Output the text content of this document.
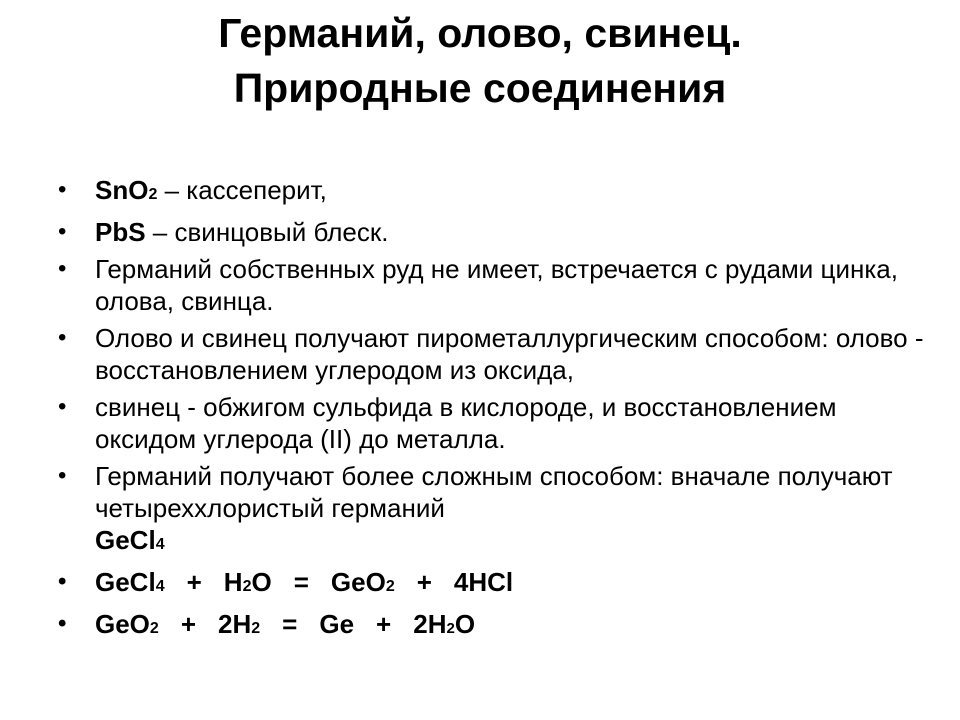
Германий, олово, свинец.
Природные соединения
• SnO2 – кассеперит,
• PbS – свинцовый блеск.
• Германий собственных руд не имеет, встречается с рудами цинка, олова, свинца.
• Олово и свинец получают пирометаллургическим способом: олово - восстановлением углеродом из оксида,
• свинец - обжигом сульфида в кислороде, и восстановлением оксидом углерода (II) до металла.
• Германий получают более сложным способом: вначале получают четыреххлористый германий
GeCl4
• GeCl4 + H2O = GeO2 + 4HCl
• GeO2 + 2H2 = Ge + 2H2O
